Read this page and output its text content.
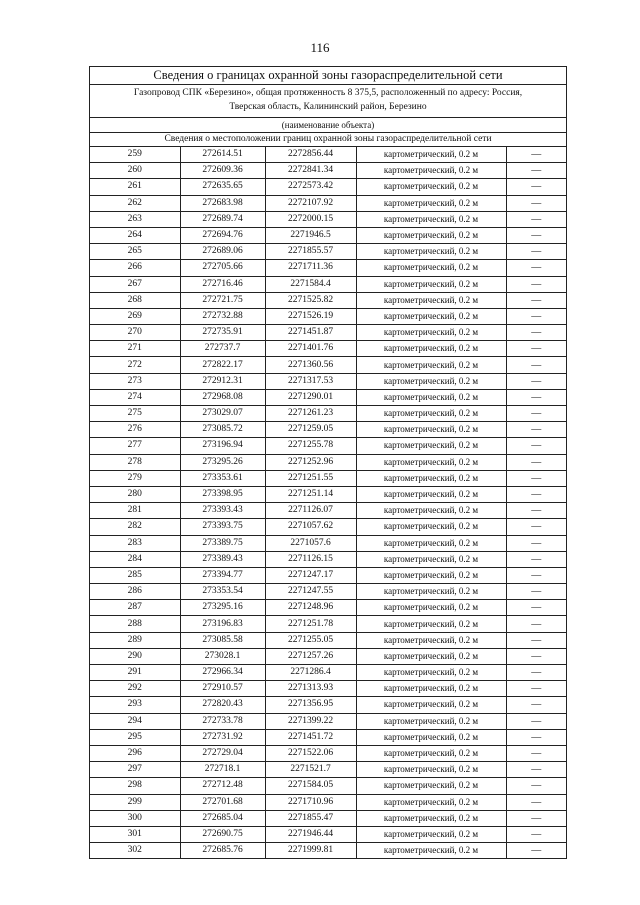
116
Сведения о границах охранной зоны газораспределительной сети
Газопровод СПК «Березино», общая протяженность 8 375,5, расположенный по адресу: Россия,
Тверская область, Калининский район, Березино
(наименование объекта)
Сведения о местоположении границ охранной зоны газораспределительной сети
259	272614.51	2272856.44	картометрический, 0.2 м	—
260	272609.36	2272841.34	картометрический, 0.2 м	—
261	272635.65	2272573.42	картометрический, 0.2 м	—
262	272683.98	2272107.92	картометрический, 0.2 м	—
263	272689.74	2272000.15	картометрический, 0.2 м	—
264	272694.76	2271946.5	картометрический, 0.2 м	—
265	272689.06	2271855.57	картометрический, 0.2 м	—
266	272705.66	2271711.36	картометрический, 0.2 м	—
267	272716.46	2271584.4	картометрический, 0.2 м	—
268	272721.75	2271525.82	картометрический, 0.2 м	—
269	272732.88	2271526.19	картометрический, 0.2 м	—
270	272735.91	2271451.87	картометрический, 0.2 м	—
271	272737.7	2271401.76	картометрический, 0.2 м	—
272	272822.17	2271360.56	картометрический, 0.2 м	—
273	272912.31	2271317.53	картометрический, 0.2 м	—
274	272968.08	2271290.01	картометрический, 0.2 м	—
275	273029.07	2271261.23	картометрический, 0.2 м	—
276	273085.72	2271259.05	картометрический, 0.2 м	—
277	273196.94	2271255.78	картометрический, 0.2 м	—
278	273295.26	2271252.96	картометрический, 0.2 м	—
279	273353.61	2271251.55	картометрический, 0.2 м	—
280	273398.95	2271251.14	картометрический, 0.2 м	—
281	273393.43	2271126.07	картометрический, 0.2 м	—
282	273393.75	2271057.62	картометрический, 0.2 м	—
283	273389.75	2271057.6	картометрический, 0.2 м	—
284	273389.43	2271126.15	картометрический, 0.2 м	—
285	273394.77	2271247.17	картометрический, 0.2 м	—
286	273353.54	2271247.55	картометрический, 0.2 м	—
287	273295.16	2271248.96	картометрический, 0.2 м	—
288	273196.83	2271251.78	картометрический, 0.2 м	—
289	273085.58	2271255.05	картометрический, 0.2 м	—
290	273028.1	2271257.26	картометрический, 0.2 м	—
291	272966.34	2271286.4	картометрический, 0.2 м	—
292	272910.57	2271313.93	картометрический, 0.2 м	—
293	272820.43	2271356.95	картометрический, 0.2 м	—
294	272733.78	2271399.22	картометрический, 0.2 м	—
295	272731.92	2271451.72	картометрический, 0.2 м	—
296	272729.04	2271522.06	картометрический, 0.2 м	—
297	272718.1	2271521.7	картометрический, 0.2 м	—
298	272712.48	2271584.05	картометрический, 0.2 м	—
299	272701.68	2271710.96	картометрический, 0.2 м	—
300	272685.04	2271855.47	картометрический, 0.2 м	—
301	272690.75	2271946.44	картометрический, 0.2 м	—
302	272685.76	2271999.81	картометрический, 0.2 м	—
